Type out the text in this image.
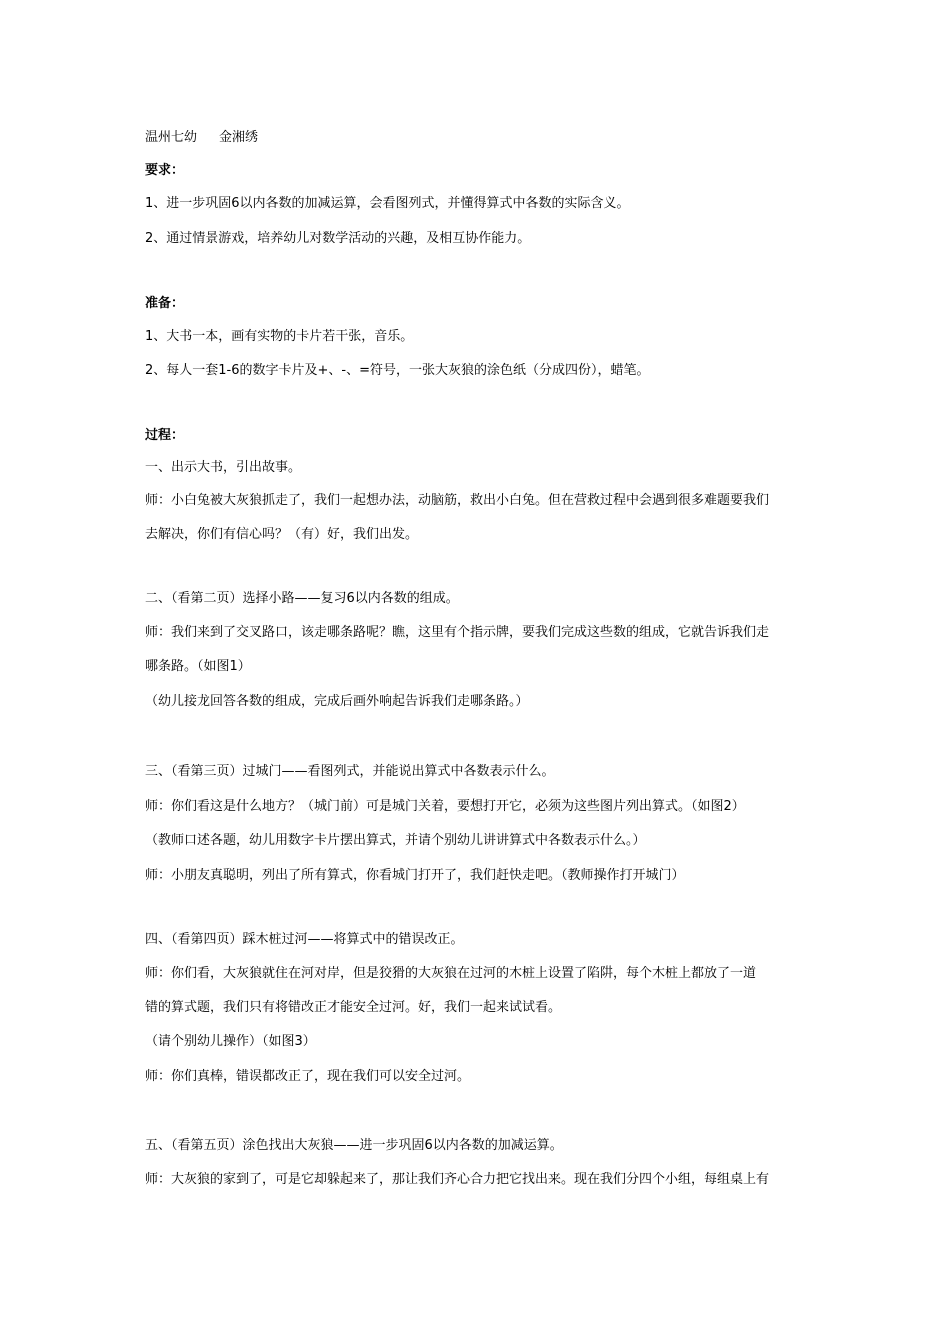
温州七幼 金湘绣
要求：
1、进一步巩固6以内各数的加减运算，会看图列式，并懂得算式中各数的实际含义。
2、通过情景游戏，培养幼儿对数学活动的兴趣，及相互协作能力。
准备：
1、大书一本，画有实物的卡片若干张，音乐。
2、每人一套1-6的数字卡片及+、-、=符号，一张大灰狼的涂色纸（分成四份），蜡笔。
过程：
一、出示大书，引出故事。
师：小白兔被大灰狼抓走了，我们一起想办法，动脑筋，救出小白兔。但在营救过程中会遇到很多难题要我们
去解决，你们有信心吗？（有）好，我们出发。
二、（看第二页）选择小路——复习6以内各数的组成。
师：我们来到了交叉路口，该走哪条路呢？瞧，这里有个指示牌，要我们完成这些数的组成，它就告诉我们走
哪条路。（如图1）
（幼儿接龙回答各数的组成，完成后画外响起告诉我们走哪条路。）
三、（看第三页）过城门——看图列式，并能说出算式中各数表示什么。
师：你们看这是什么地方？（城门前）可是城门关着，要想打开它，必须为这些图片列出算式。（如图2）
（教师口述各题，幼儿用数字卡片摆出算式，并请个别幼儿讲讲算式中各数表示什么。）
师：小朋友真聪明，列出了所有算式，你看城门打开了，我们赶快走吧。（教师操作打开城门）
四、（看第四页）踩木桩过河——将算式中的错误改正。
师：你们看，大灰狼就住在河对岸，但是狡猾的大灰狼在过河的木桩上设置了陷阱，每个木桩上都放了一道
错的算式题，我们只有将错改正才能安全过河。好，我们一起来试试看。
（请个别幼儿操作）（如图3）
师：你们真棒，错误都改正了，现在我们可以安全过河。
五、（看第五页）涂色找出大灰狼——进一步巩固6以内各数的加减运算。
师：大灰狼的家到了，可是它却躲起来了，那让我们齐心合力把它找出来。现在我们分四个小组，每组桌上有
